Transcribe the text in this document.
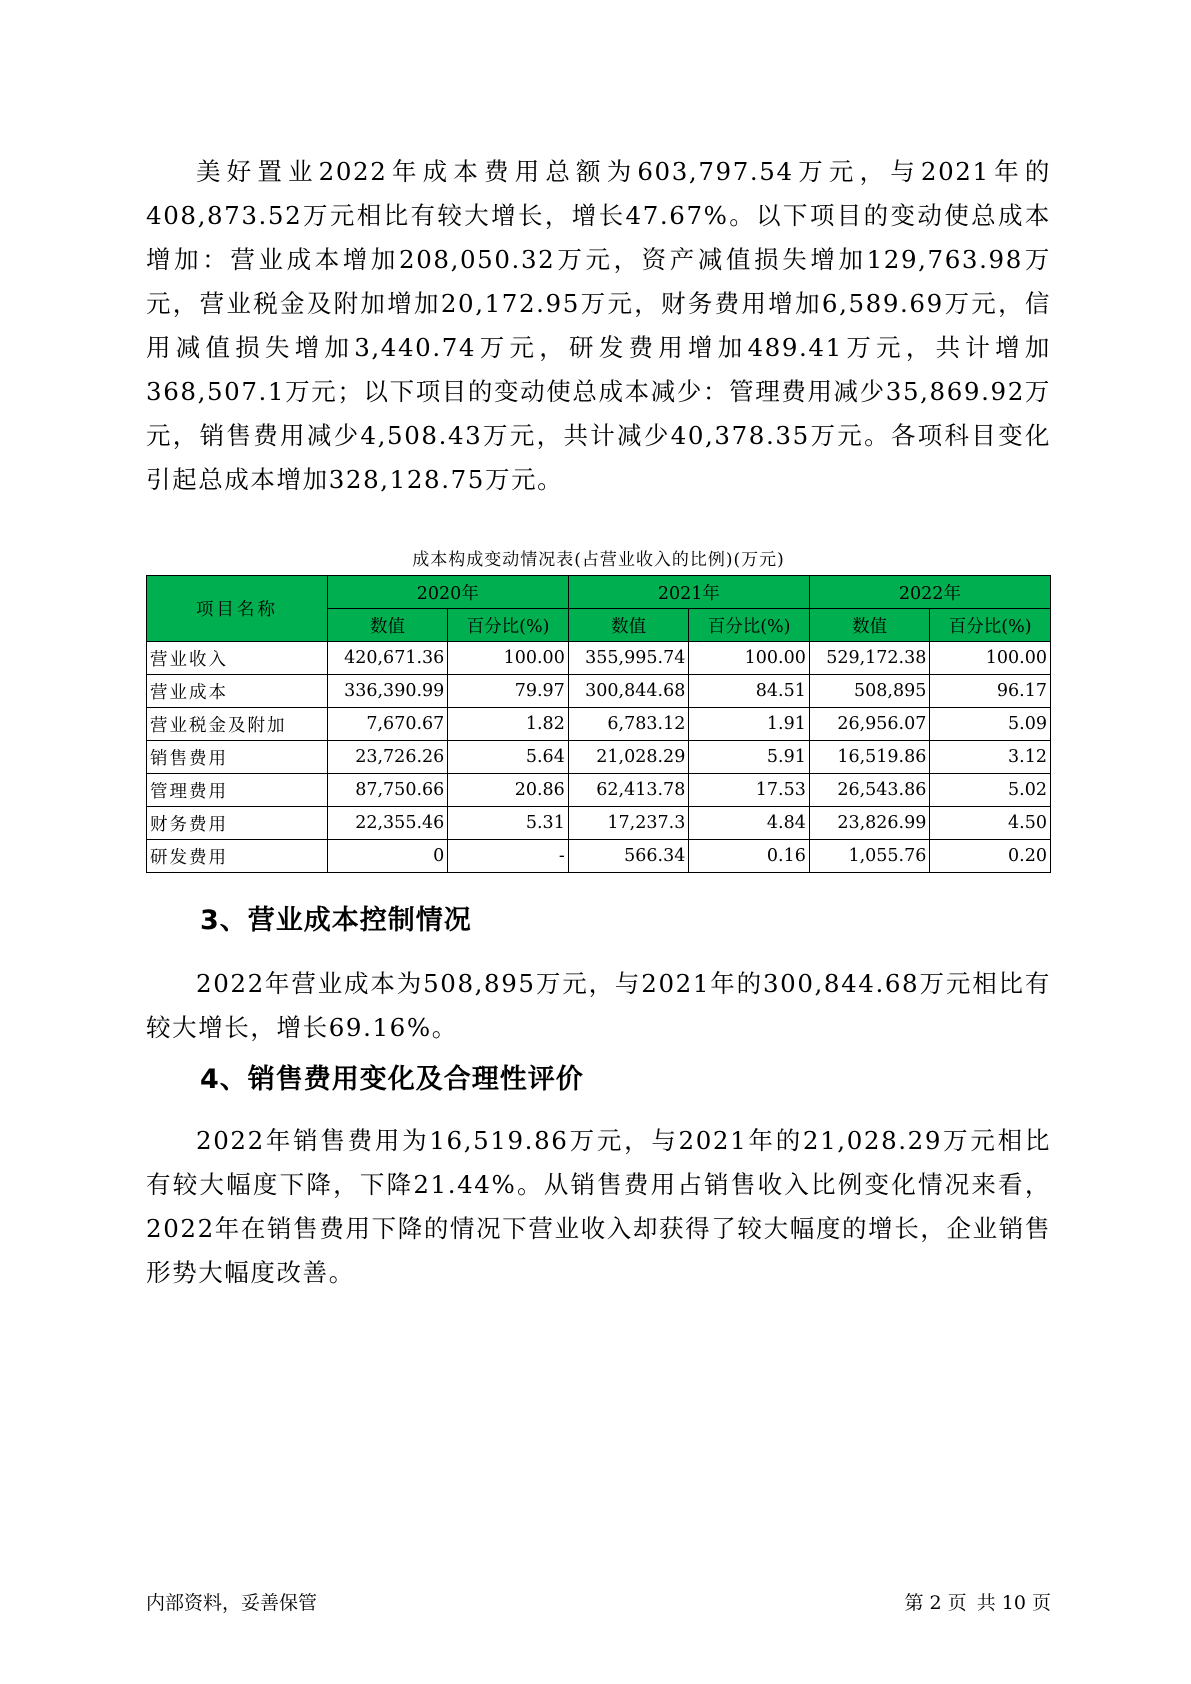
美好置业2022年成本费用总额为603,797.54万元，与2021年的408,873.52万元相比有较大增长，增长47.67%。以下项目的变动使总成本增加：营业成本增加208,050.32万元，资产减值损失增加129,763.98万元，营业税金及附加增加20,172.95万元，财务费用增加6,589.69万元，信用减值损失增加3,440.74万元，研发费用增加489.41万元，共计增加368,507.1万元；以下项目的变动使总成本减少：管理费用减少35,869.92万元，销售费用减少4,508.43万元，共计减少40,378.35万元。各项科目变化引起总成本增加328,128.75万元。

成本构成变动情况表(占营业收入的比例)(万元)

项目名称	2020年		2021年		2022年	
	数值	百分比(%)	数值	百分比(%)	数值	百分比(%)
营业收入	420,671.36	100.00	355,995.74	100.00	529,172.38	100.00
营业成本	336,390.99	79.97	300,844.68	84.51	508,895	96.17
营业税金及附加	7,670.67	1.82	6,783.12	1.91	26,956.07	5.09
销售费用	23,726.26	5.64	21,028.29	5.91	16,519.86	3.12
管理费用	87,750.66	20.86	62,413.78	17.53	26,543.86	5.02
财务费用	22,355.46	5.31	17,237.3	4.84	23,826.99	4.50
研发费用	0	-	566.34	0.16	1,055.76	0.20
3、营业成本控制情况

2022年营业成本为508,895万元，与2021年的300,844.68万元相比有较大增长，增长69.16%。

4、销售费用变化及合理性评价

2022年销售费用为16,519.86万元，与2021年的21,028.29万元相比有较大幅度下降，下降21.44%。从销售费用占销售收入比例变化情况来看，2022年在销售费用下降的情况下营业收入却获得了较大幅度的增长，企业销售形势大幅度改善。

内部资料，妥善保管	第 2 页 共 10 页
